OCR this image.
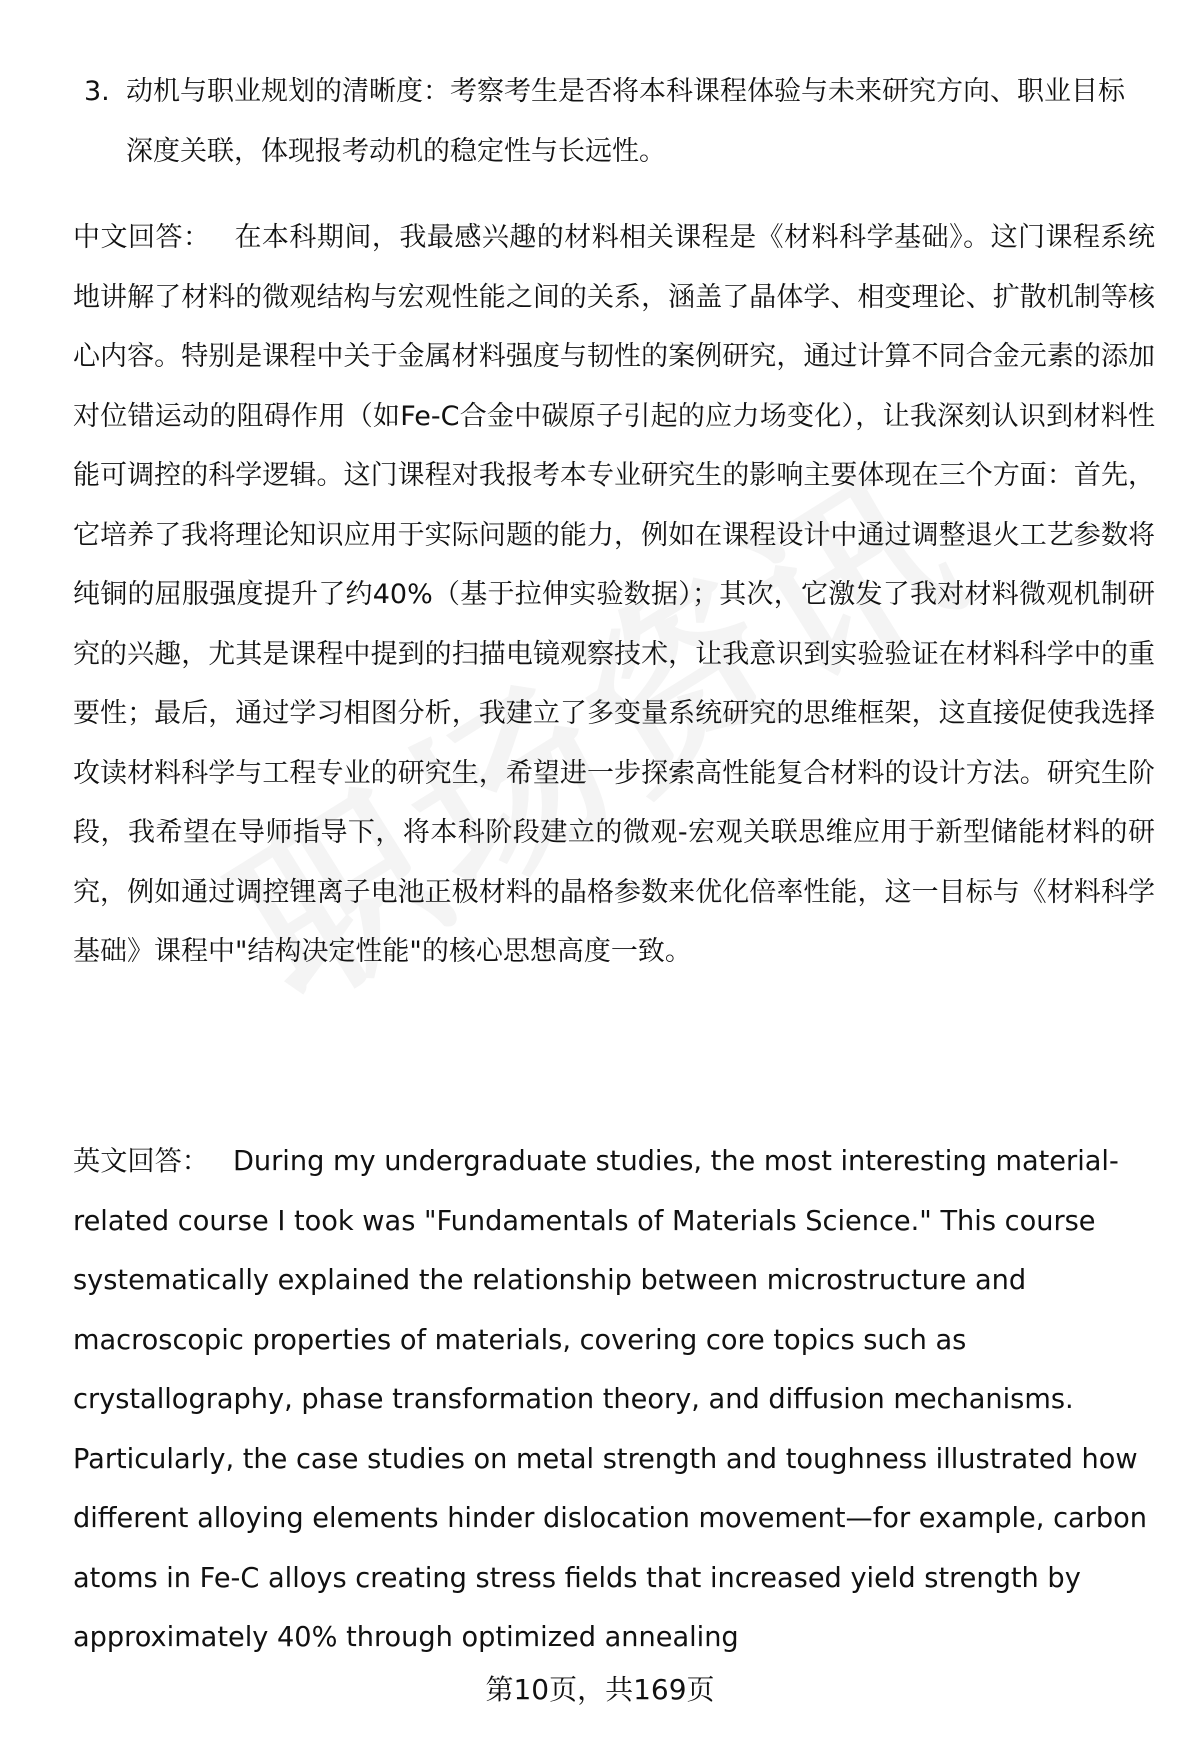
3. 动机与职业规划的清晰度：考察考生是否将本科课程体验与未来研究方向、职业目标深度关联，体现报考动机的稳定性与长远性。
中文回答： 在本科期间，我最感兴趣的材料相关课程是《材料科学基础》。这门课程系统地讲解了材料的微观结构与宏观性能之间的关系，涵盖了晶体学、相变理论、扩散机制等核心内容。特别是课程中关于金属材料强度与韧性的案例研究，通过计算不同合金元素的添加对位错运动的阻碍作用（如Fe-C合金中碳原子引起的应力场变化），让我深刻认识到材料性能可调控的科学逻辑。这门课程对我报考本专业研究生的影响主要体现在三个方面：首先，它培养了我将理论知识应用于实际问题的能力，例如在课程设计中通过调整退火工艺参数将纯铜的屈服强度提升了约40%（基于拉伸实验数据）；其次，它激发了我对材料微观机制研究的兴趣，尤其是课程中提到的扫描电镜观察技术，让我意识到实验验证在材料科学中的重要性；最后，通过学习相图分析，我建立了多变量系统研究的思维框架，这直接促使我选择攻读材料科学与工程专业的研究生，希望进一步探索高性能复合材料的设计方法。研究生阶段，我希望在导师指导下，将本科阶段建立的微观-宏观关联思维应用于新型储能材料的研究，例如通过调控锂离子电池正极材料的晶格参数来优化倍率性能，这一目标与《材料科学基础》课程中"结构决定性能"的核心思想高度一致。
英文回答： During my undergraduate studies, the most interesting material-related course I took was "Fundamentals of Materials Science." This course systematically explained the relationship between microstructure and macroscopic properties of materials, covering core topics such as crystallography, phase transformation theory, and diffusion mechanisms. Particularly, the case studies on metal strength and toughness illustrated how different alloying elements hinder dislocation movement—for example, carbon atoms in Fe-C alloys creating stress fields that increased yield strength by approximately 40% through optimized annealing
第10页，共169页
